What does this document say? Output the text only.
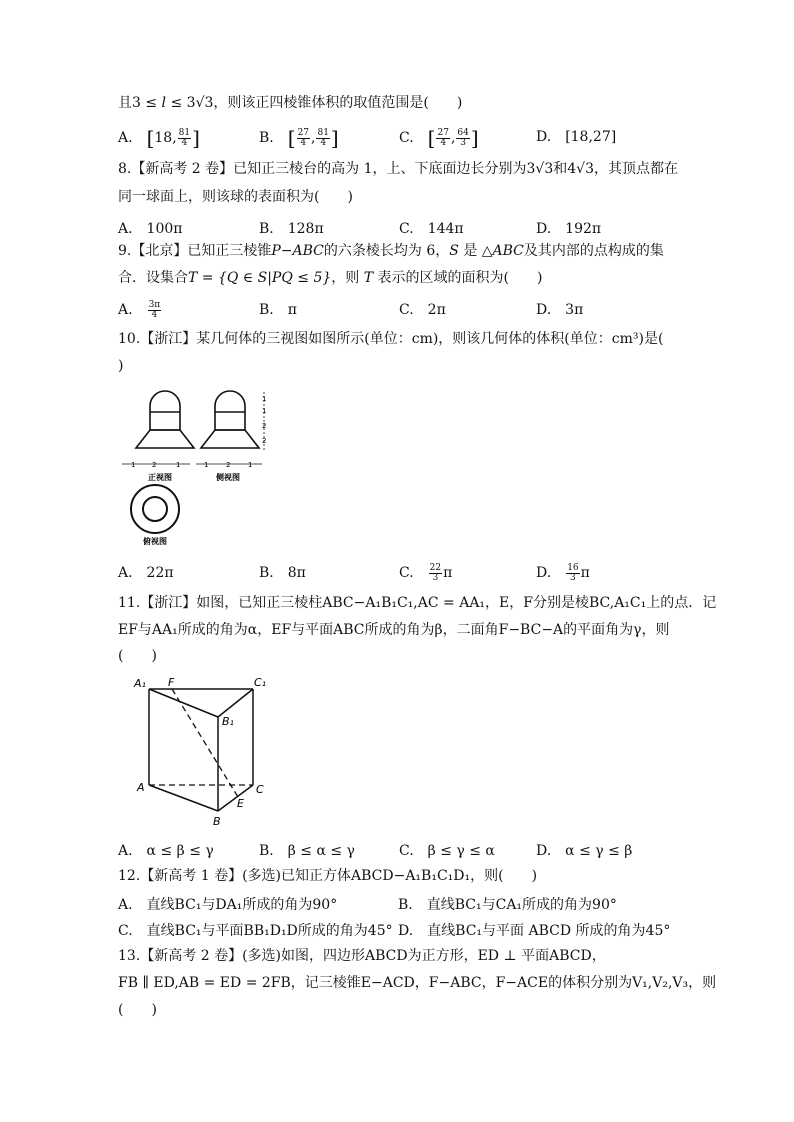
且3 ≤ l ≤ 3√3，则该正四棱锥体积的取值范围是(　　)
A.　 [18, $\frac{81}{4}$ ]	B.　 [ $\frac{27}{4}$ , $\frac{81}{4}$ ]	C.　 [ $\frac{27}{4}$ , $\frac{64}{3}$ ]	D.　 [18,27]
8.【新高考 2 卷】已知正三棱台的高为 1，上、下底面边长分别为3√3和4√3，其顶点都在
同一球面上，则该球的表面积为(　　)
A.　100π	B.　128π	C.　144π	D.　192π
9.【北京】已知正三棱锥P−ABC的六条棱长均为 6，S 是 △ABC及其内部的点构成的集
合．设集合T = {Q ∈ S|PQ ≤ 5}，则 T 表示的区域的面积为(　　)
A.　 $\frac{3\pi}{4}$	B.　π	C.　2π	D.　3π
10.【浙江】某几何体的三视图如图所示(单位：cm)，则该几何体的体积(单位：cm³)是(
)
1
1
2
2
1 2	1	1	2	1
正视图	侧视图
俯视图
A.　22π	B.　8π	C.　 $\frac{22}{3}$ π	D.　 $\frac{16}{3}$ π
11.【浙江】如图，已知正三棱柱ABC−A₁B₁C₁,AC = AA₁，E，F分别是棱BC,A₁C₁上的点．记
EF与AA₁所成的角为α，EF与平面ABC所成的角为β，二面角F−BC−A的平面角为γ，则
(　　)
A₁ F	C₁
B₁
A	C
E
B
A.　α ≤ β ≤ γ	B.　β ≤ α ≤ γ	C.　β ≤ γ ≤ α	D.　α ≤ γ ≤ β
12.【新高考 1 卷】(多选)已知正方体ABCD−A₁B₁C₁D₁，则(　　)
A.　直线BC₁与DA₁所成的角为90°	B.　直线BC₁与CA₁所成的角为90°
C.　直线BC₁与平面BB₁D₁D所成的角为45° D.　直线BC₁与平面 ABCD 所成的角为45°
13.【新高考 2 卷】(多选)如图，四边形ABCD为正方形，ED ⊥ 平面ABCD，
FB ∥ ED,AB = ED = 2FB，记三棱锥E−ACD，F−ABC，F−ACE的体积分别为V₁,V₂,V₃，则
(　　)
